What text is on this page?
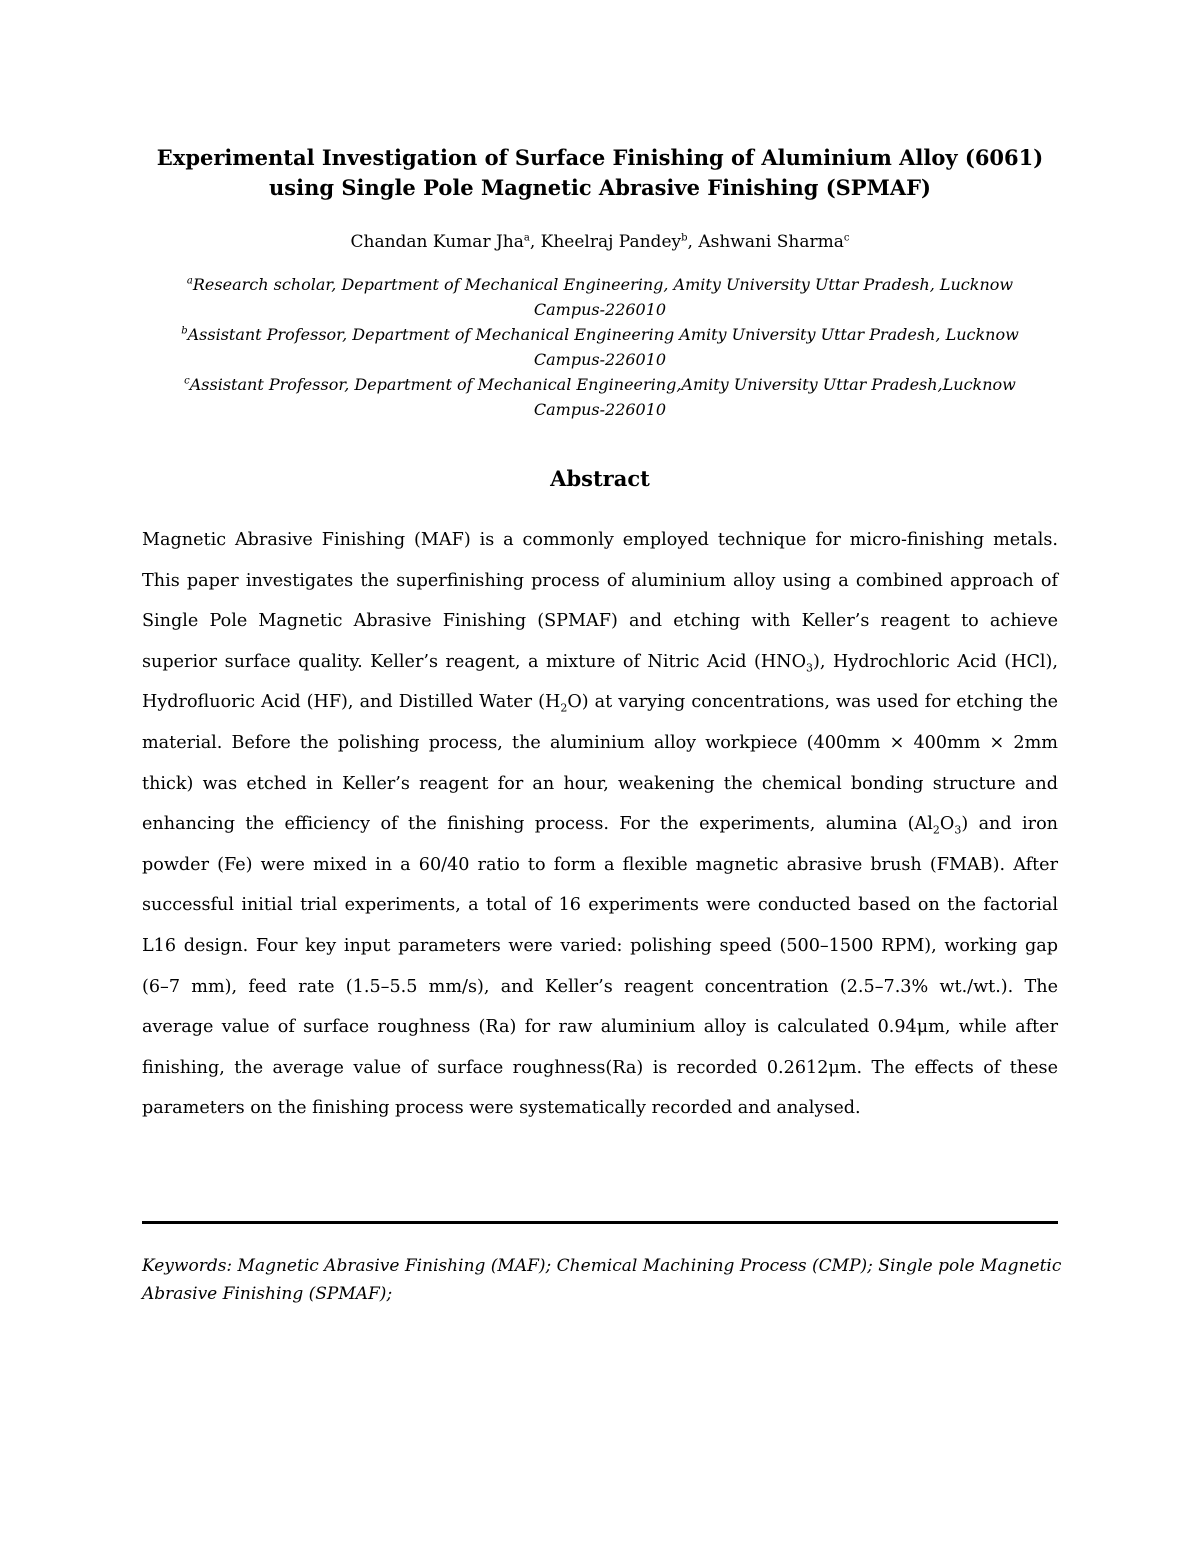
Experimental Investigation of Surface Finishing of Aluminium Alloy (6061)
using Single Pole Magnetic Abrasive Finishing (SPMAF)
Chandan Kumar Jha$^a$, Kheelraj Pandey$^b$, Ashwani Sharma$^c$
$^a$Research scholar, Department of Mechanical Engineering, Amity University Uttar Pradesh, Lucknow
Campus-226010
$^b$Assistant Professor, Department of Mechanical Engineering Amity University Uttar Pradesh, Lucknow
Campus-226010
$^c$Assistant Professor, Department of Mechanical Engineering,Amity University Uttar Pradesh,Lucknow
Campus-226010
Abstract

Magnetic Abrasive Finishing (MAF) is a commonly employed technique for micro-finishing metals. This paper investigates the superfinishing process of aluminium alloy using a combined approach of Single Pole Magnetic Abrasive Finishing (SPMAF) and etching with Keller’s reagent to achieve superior surface quality. Keller’s reagent, a mixture of Nitric Acid $(HNO_3)$, Hydrochloric Acid (HCl), Hydrofluoric Acid (HF), and Distilled Water $(H_2O)$ at varying concentrations, was used for etching the material. Before the polishing process, the aluminium alloy workpiece (400mm × 400mm × 2mm thick) was etched in Keller’s reagent for an hour, weakening the chemical bonding structure and enhancing the efficiency of the finishing process. For the experiments, alumina $(Al_2O_3)$ and iron powder (Fe) were mixed in a 60/40 ratio to form a flexible magnetic abrasive brush (FMAB). After successful initial trial experiments, a total of 16 experiments were conducted based on the factorial L16 design. Four key input parameters were varied: polishing speed (500–1500 RPM), working gap (6–7 mm), feed rate (1.5–5.5 mm/s), and Keller’s reagent concentration (2.5–7.3% wt./wt.). The average value of surface roughness (Ra) for raw aluminium alloy is calculated 0.94μm, while after finishing, the average value of surface roughness(Ra) is recorded 0.2612μm. The effects of these parameters on the finishing process were systematically recorded and analysed.

Keywords: Magnetic Abrasive Finishing (MAF); Chemical Machining Process (CMP); Single pole Magnetic Abrasive Finishing (SPMAF);
